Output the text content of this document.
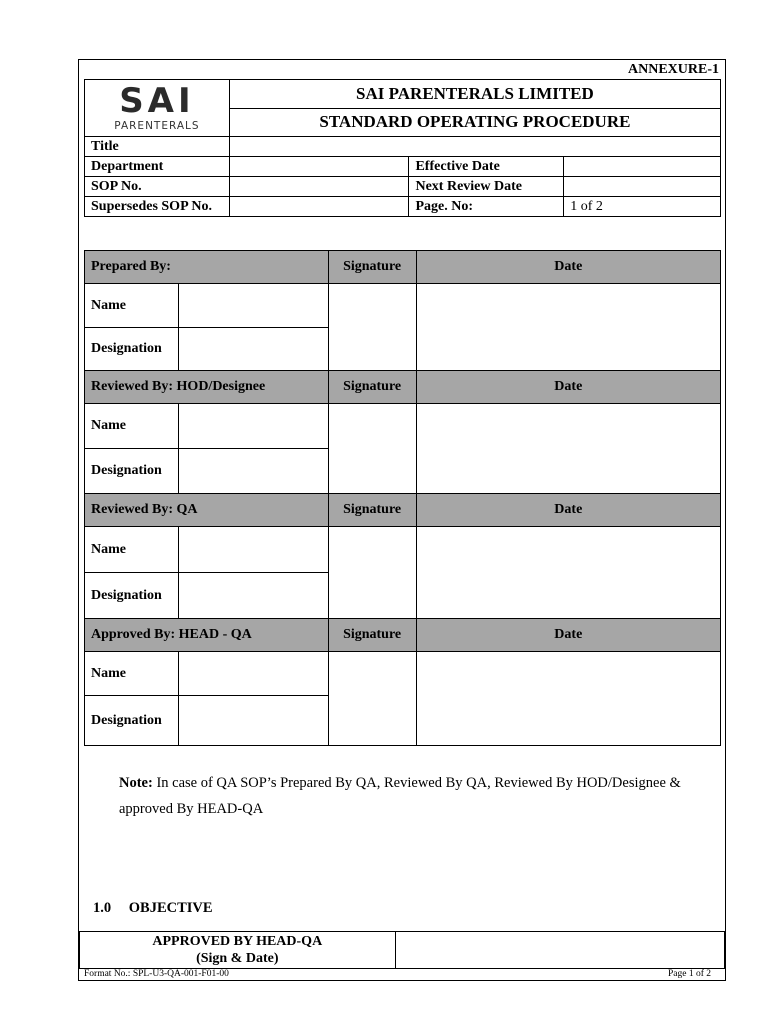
ANNEXURE-1
SAI
PARENTERALS	SAI PARENTERALS LIMITED		
	STANDARD OPERATING PROCEDURE		
Title			
Department		Effective Date	
SOP No.		Next Review Date	
Supersedes SOP No.		Page. No:	1 of 2
Prepared By:		Signature	Date
Name			
Designation			
Reviewed By: HOD/Designee		Signature	Date
Name			
Designation			
Reviewed By: QA		Signature	Date
Name			
Designation			
Approved By: HEAD - QA		Signature	Date
Name			
Designation			
Note: In case of QA SOP’s Prepared By QA, Reviewed By QA, Reviewed By HOD/Designee & approved By HEAD-QA
1.0 OBJECTIVE
APPROVED BY HEAD-QA
(Sign & Date)

Format No.: SPL-U3-QA-001-F01-00	Page 1 of 2
